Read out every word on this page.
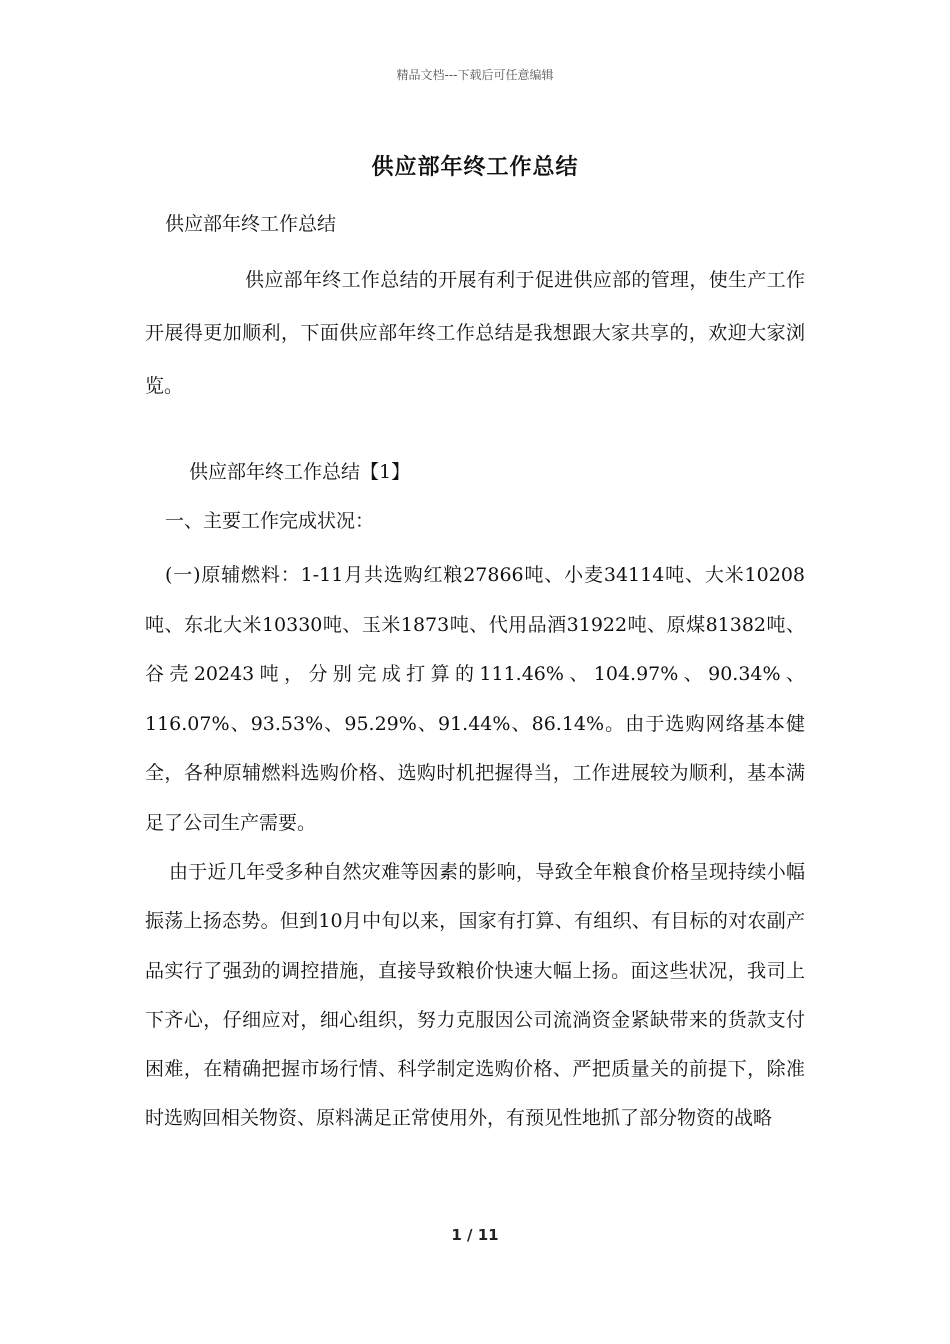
精品文档---下载后可任意编辑
供应部年终工作总结

供应部年终工作总结

供应部年终工作总结的开展有利于促进供应部的管理，使生产工作开展得更加顺利，下面供应部年终工作总结是我想跟大家共享的，欢迎大家浏览。

供应部年终工作总结【1】

一、主要工作完成状况：

(一)原辅燃料：1-11月共选购红粮27866吨、小麦34114吨、大米10208吨、东北大米10330吨、玉米1873吨、代用品酒31922吨、原煤81382吨、谷壳20243吨，分别完成打算的111.46%、104.97%、90.34%、116.07%、93.53%、95.29%、91.44%、86.14%。由于选购网络基本健全，各种原辅燃料选购价格、选购时机把握得当，工作进展较为顺利，基本满足了公司生产需要。

由于近几年受多种自然灾难等因素的影响，导致全年粮食价格呈现持续小幅振荡上扬态势。但到10月中旬以来，国家有打算、有组织、有目标的对农副产品实行了强劲的调控措施，直接导致粮价快速大幅上扬。面这些状况，我司上下齐心，仔细应对，细心组织，努力克服因公司流淌资金紧缺带来的货款支付困难，在精确把握市场行情、科学制定选购价格、严把质量关的前提下，除准时选购回相关物资、原料满足正常使用外，有预见性地抓了部分物资的战略

1 / 11
